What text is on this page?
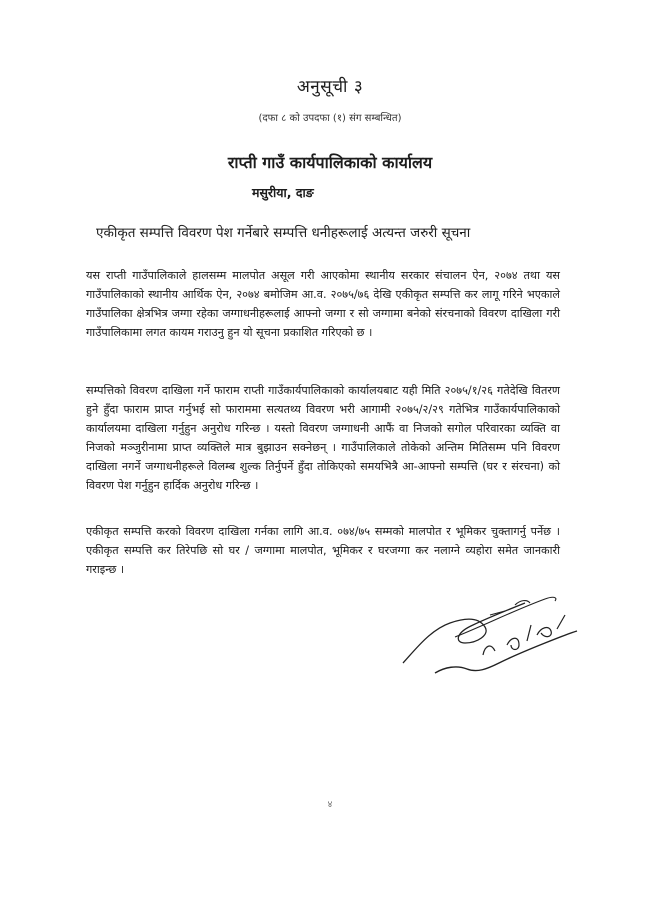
अनुसूची ३
(दफा ८ को उपदफा (१) संग सम्बन्धित)
राप्ती गाउँ कार्यपालिकाको कार्यालय
मसुरीया, दाङ
एकीकृत सम्पत्ति विवरण पेश गर्नेबारे सम्पत्ति धनीहरूलाई अत्यन्त जरुरी सूचना

यस राप्ती गाउँपालिकाले हालसम्म मालपोत असूल गरी आएकोमा स्थानीय सरकार संचालन ऐन, २०७४ तथा यस गाउँपालिकाको स्थानीय आर्थिक ऐन, २०७४ बमोजिम आ.व. २०७५/७६ देखि एकीकृत सम्पत्ति कर लागू गरिने भएकाले गाउँपालिका क्षेत्रभित्र जग्गा रहेका जग्गाधनीहरूलाई आफ्नो जग्गा र सो जग्गामा बनेको संरचनाको विवरण दाखिला गरी गाउँपालिकामा लगत कायम गराउनु हुन यो सूचना प्रकाशित गरिएको छ ।

सम्पत्तिको विवरण दाखिला गर्ने फाराम राप्ती गाउँकार्यपालिकाको कार्यालयबाट यही मिति २०७५/१/२६ गतेदेखि वितरण हुने हुँदा फाराम प्राप्त गर्नुभई सो फाराममा सत्यतथ्य विवरण भरी आगामी २०७५/२/२९ गतेभित्र गाउँकार्यपालिकाको कार्यालयमा दाखिला गर्नुहुन अनुरोध गरिन्छ । यस्तो विवरण जग्गाधनी आफैं वा निजको सगोल परिवारका व्यक्ति वा निजको मञ्जुरीनामा प्राप्त व्यक्तिले मात्र बुझाउन सक्नेछन् । गाउँपालिकाले तोकेको अन्तिम मितिसम्म पनि विवरण दाखिला नगर्ने जग्गाधनीहरूले विलम्ब शुल्क तिर्नुपर्ने हुँदा तोकिएको समयभित्रै आ-आफ्नो सम्पत्ति (घर र संरचना) को विवरण पेश गर्नुहुन हार्दिक अनुरोध गरिन्छ ।

एकीकृत सम्पत्ति करको विवरण दाखिला गर्नका लागि आ.व. ०७४/७५ सम्मको मालपोत र भूमिकर चुक्तागर्नु पर्नेछ । एकीकृत सम्पत्ति कर तिरेपछि सो घर / जग्गामा मालपोत, भूमिकर र घरजग्गा कर नलाग्ने व्यहोरा समेत जानकारी गराइन्छ ।

४
